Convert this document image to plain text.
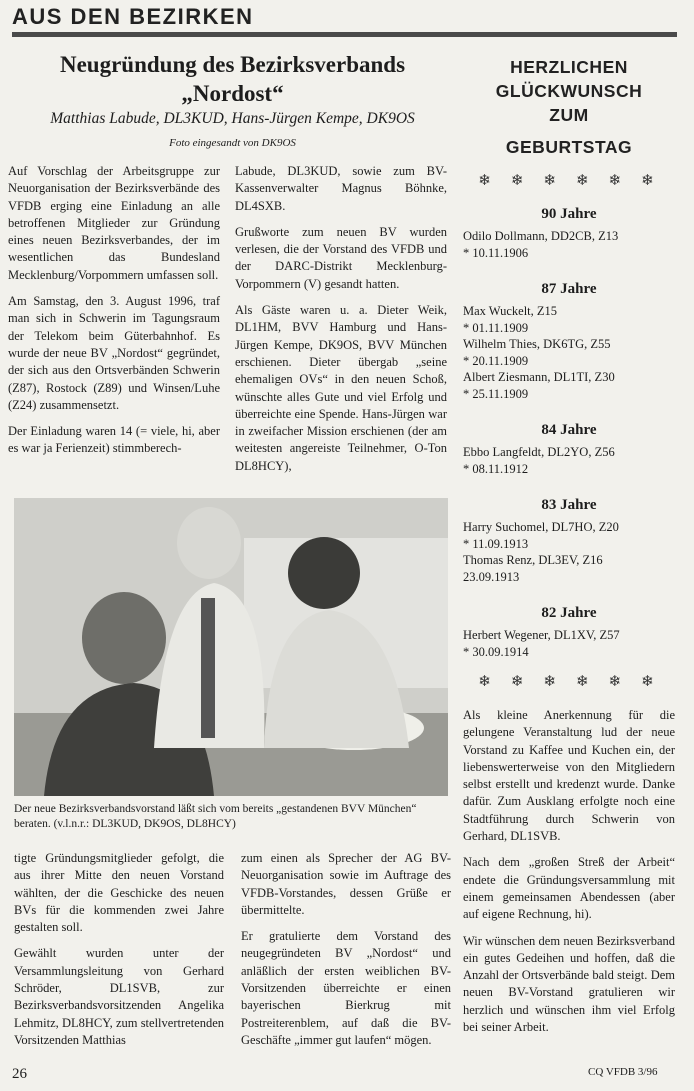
AUS DEN BEZIRKEN
Neugründung des Bezirksverbands
„Nordost“
Matthias Labude, DL3KUD, Hans-Jürgen Kempe, DK9OS
Foto eingesandt von DK9OS

Auf Vorschlag der Arbeitsgruppe zur Neuorganisation der Bezirksverbände des VFDB erging eine Einladung an alle betroffenen Mitglieder zur Gründung eines neuen Bezirksverbandes, der im wesentlichen das Bundesland Mecklenburg/Vorpommern umfassen soll.

Am Samstag, den 3. August 1996, traf man sich in Schwerin im Tagungsraum der Telekom beim Güterbahnhof. Es wurde der neue BV „Nordost“ gegründet, der sich aus den Ortsverbänden Schwerin (Z87), Rostock (Z89) und Winsen/Luhe (Z24) zusammensetzt.

Der Einladung waren 14 (= viele, hi, aber es war ja Ferienzeit) stimmberech-

Labude, DL3KUD, sowie zum BV-Kassenverwalter Magnus Böhnke, DL4SXB.

Grußworte zum neuen BV wurden verlesen, die der Vorstand des VFDB und der DARC-Distrikt Mecklenburg-Vorpommern (V) gesandt hatten.

Als Gäste waren u. a. Dieter Weik, DL1HM, BVV Hamburg und Hans-Jürgen Kempe, DK9OS, BVV München erschienen. Dieter übergab „seine ehemaligen OVs“ in den neuen Schoß, wünschte alles Gute und viel Erfolg und überreichte eine Spende. Hans-Jürgen war in zweifacher Mission erschienen (der am weitesten angereiste Teilnehmer, O-Ton DL8HCY),

Der neue Bezirksverbandsvorstand läßt sich vom bereits „gestandenen BVV München“ beraten. (v.l.n.r.: DL3KUD, DK9OS, DL8HCY)

tigte Gründungsmitglieder gefolgt, die aus ihrer Mitte den neuen Vorstand wählten, der die Geschicke des neuen BVs für die kommenden zwei Jahre gestalten soll.

Gewählt wurden unter der Versammlungsleitung von Gerhard Schröder, DL1SVB, zur Bezirksverbandsvorsitzenden Angelika Lehmitz, DL8HCY, zum stellvertretenden Vorsitzenden Matthias

zum einen als Sprecher der AG BV-Neuorganisation sowie im Auftrage des VFDB-Vorstandes, dessen Grüße er übermittelte.

Er gratulierte dem Vorstand des neugegründeten BV „Nordost“ und anläßlich der ersten weiblichen BV-Vorsitzenden überreichte er einen bayerischen Bierkrug mit Postreiterenblem, auf daß die BV-Geschäfte „immer gut laufen“ mögen.

HERZLICHEN
GLÜCKWUNSCH
ZUM
GEBURTSTAG
❄❄❄❄❄❄
90 Jahre

Odilo Dollmann, DD2CB, Z13

* 10.11.1906

87 Jahre

Max Wuckelt, Z15

* 01.11.1909

Wilhelm Thies, DK6TG, Z55

* 20.11.1909

Albert Ziesmann, DL1TI, Z30

* 25.11.1909

84 Jahre

Ebbo Langfeldt, DL2YO, Z56

* 08.11.1912

83 Jahre

Harry Suchomel, DL7HO, Z20

* 11.09.1913

Thomas Renz, DL3EV, Z16

23.09.1913

82 Jahre

Herbert Wegener, DL1XV, Z57

* 30.09.1914

❄❄❄❄❄❄

Als kleine Anerkennung für die gelungene Veranstaltung lud der neue Vorstand zu Kaffee und Kuchen ein, der liebenswerterweise von den Mitgliedern selbst erstellt und kredenzt wurde. Danke dafür. Zum Ausklang erfolgte noch eine Stadtführung durch Schwerin von Gerhard, DL1SVB.

Nach dem „großen Streß der Arbeit“ endete die Gründungsversammlung mit einem gemeinsamen Abendessen (aber auf eigene Rechnung, hi).

Wir wünschen dem neuen Bezirksverband ein gutes Gedeihen und hoffen, daß die Anzahl der Ortsverbände bald steigt. Dem neuen BV-Vorstand gratulieren wir herzlich und wünschen ihm viel Erfolg bei seiner Arbeit.

26	CQ VFDB 3/96
